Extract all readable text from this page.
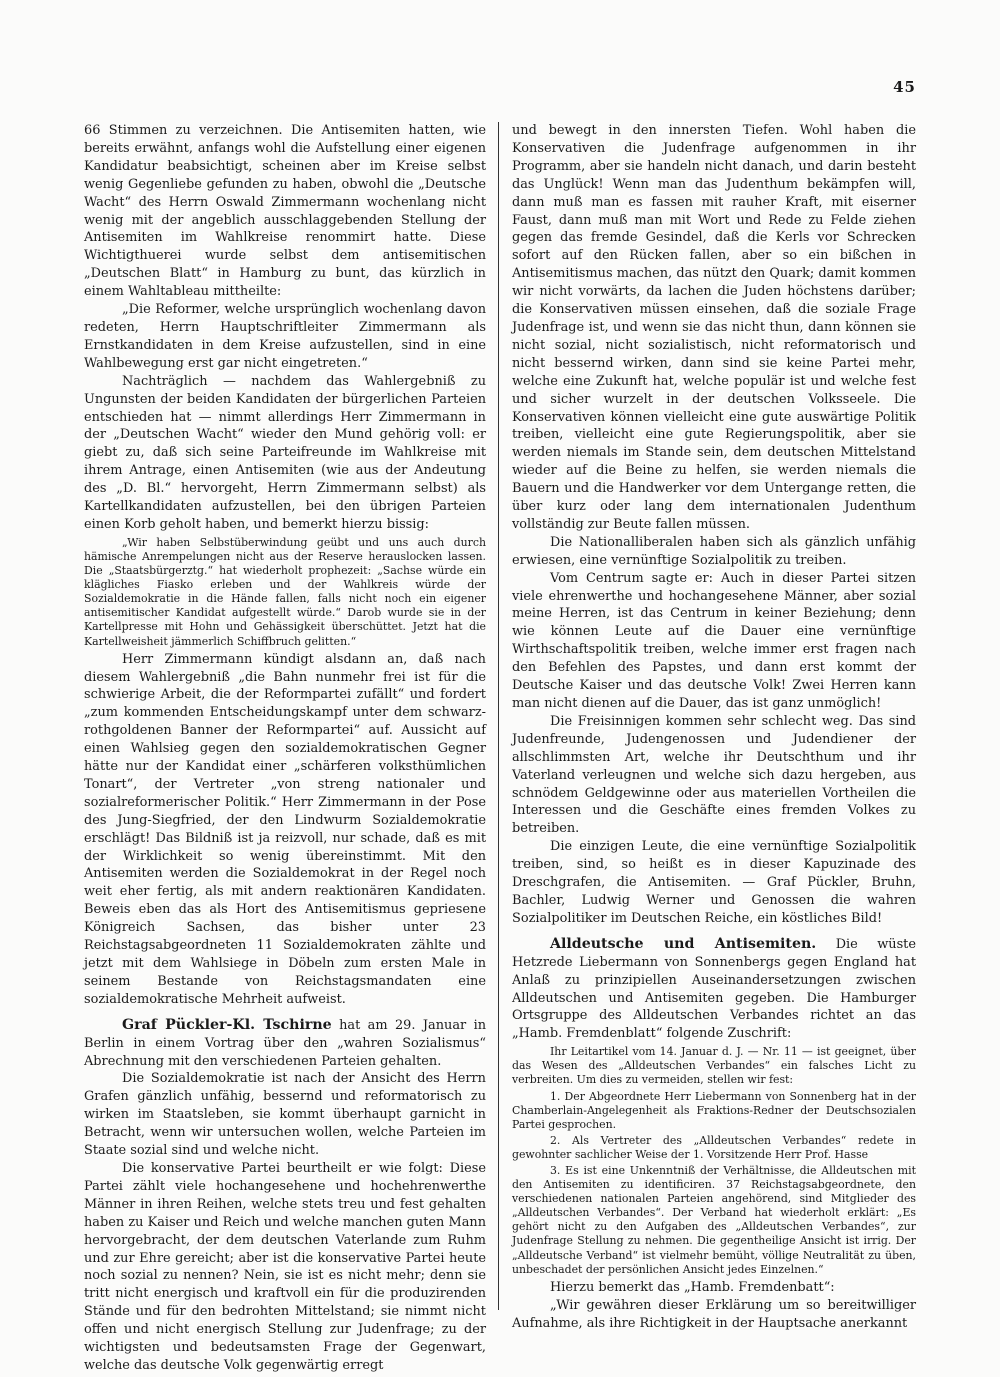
45

66 Stimmen zu verzeichnen. Die Antisemiten hatten, wie bereits erwähnt, anfangs wohl die Aufstellung einer eigenen Kandidatur beabsichtigt, scheinen aber im Kreise selbst wenig Gegenliebe gefunden zu haben, obwohl die „Deutsche Wacht“ des Herrn Oswald Zimmermann wochenlang nicht wenig mit der angeblich ausschlaggebenden Stellung der Antisemiten im Wahlkreise renommirt hatte. Diese Wichtigthuerei wurde selbst dem antisemitischen „Deutschen Blatt“ in Hamburg zu bunt, das kürzlich in einem Wahltableau mittheilte:

„Die Reformer, welche ursprünglich wochenlang davon redeten, Herrn Hauptschriftleiter Zimmermann als Ernstkandidaten in dem Kreise aufzustellen, sind in eine Wahlbewegung erst gar nicht eingetreten.“

Nachträglich — nachdem das Wahlergebniß zu Ungunsten der beiden Kandidaten der bürgerlichen Parteien entschieden hat — nimmt allerdings Herr Zimmermann in der „Deutschen Wacht“ wieder den Mund gehörig voll: er giebt zu, daß sich seine Parteifreunde im Wahlkreise mit ihrem Antrage, einen Antisemiten (wie aus der Andeutung des „D. Bl.“ hervorgeht, Herrn Zimmermann selbst) als Kartellkandidaten aufzustellen, bei den übrigen Parteien einen Korb geholt haben, und bemerkt hierzu bissig:

„Wir haben Selbstüberwindung geübt und uns auch durch hämische Anrempelungen nicht aus der Reserve herauslocken lassen. Die „Staatsbürgerztg.“ hat wiederholt prophezeit: „Sachse würde ein klägliches Fiasko erleben und der Wahlkreis würde der Sozialdemokratie in die Hände fallen, falls nicht noch ein eigener antisemitischer Kandidat aufgestellt würde.“ Darob wurde sie in der Kartellpresse mit Hohn und Gehässigkeit überschüttet. Jetzt hat die Kartellweisheit jämmerlich Schiffbruch gelitten.“

Herr Zimmermann kündigt alsdann an, daß nach diesem Wahlergebniß „die Bahn nunmehr frei ist für die schwierige Arbeit, die der Reformpartei zufällt“ und fordert „zum kommenden Entscheidungskampf unter dem schwarz-rothgoldenen Banner der Reformpartei“ auf. Aussicht auf einen Wahlsieg gegen den sozialdemokratischen Gegner hätte nur der Kandidat einer „schärferen volksthümlichen Tonart“, der Vertreter „von streng nationaler und sozialreformerischer Politik.“ Herr Zimmermann in der Pose des Jung-Siegfried, der den Lindwurm Sozialdemokratie erschlägt! Das Bildniß ist ja reizvoll, nur schade, daß es mit der Wirklichkeit so wenig übereinstimmt. Mit den Antisemiten werden die Sozialdemokrat in der Regel noch weit eher fertig, als mit andern reaktionären Kandidaten. Beweis eben das als Hort des Antisemitismus gepriesene Königreich Sachsen, das bisher unter 23 Reichstagsabgeordneten 11 Sozialdemokraten zählte und jetzt mit dem Wahlsiege in Döbeln zum ersten Male in seinem Bestande von Reichstagsmandaten eine sozialdemokratische Mehrheit aufweist.

Graf Pückler-Kl. Tschirne hat am 29. Januar in Berlin in einem Vortrag über den „wahren Sozialismus“ Abrechnung mit den verschiedenen Parteien gehalten.

Die Sozialdemokratie ist nach der Ansicht des Herrn Grafen gänzlich unfähig, bessernd und reformatorisch zu wirken im Staatsleben, sie kommt überhaupt garnicht in Betracht, wenn wir untersuchen wollen, welche Parteien im Staate sozial sind und welche nicht.

Die konservative Partei beurtheilt er wie folgt: Diese Partei zählt viele hochangesehene und hochehrenwerthe Männer in ihren Reihen, welche stets treu und fest gehalten haben zu Kaiser und Reich und welche manchen guten Mann hervorgebracht, der dem deutschen Vaterlande zum Ruhm und zur Ehre gereicht; aber ist die konservative Partei heute noch sozial zu nennen? Nein, sie ist es nicht mehr; denn sie tritt nicht energisch und kraftvoll ein für die produzirenden Stände und für den bedrohten Mittelstand; sie nimmt nicht offen und nicht energisch Stellung zur Judenfrage; zu der wichtigsten und bedeutsamsten Frage der Gegenwart, welche das deutsche Volk gegenwärtig erregt

und bewegt in den innersten Tiefen. Wohl haben die Konservativen die Judenfrage aufgenommen in ihr Programm, aber sie handeln nicht danach, und darin besteht das Unglück! Wenn man das Judenthum bekämpfen will, dann muß man es fassen mit rauher Kraft, mit eiserner Faust, dann muß man mit Wort und Rede zu Felde ziehen gegen das fremde Gesindel, daß die Kerls vor Schrecken sofort auf den Rücken fallen, aber so ein bißchen in Antisemitismus machen, das nützt den Quark; damit kommen wir nicht vorwärts, da lachen die Juden höchstens darüber; die Konservativen müssen einsehen, daß die soziale Frage Judenfrage ist, und wenn sie das nicht thun, dann können sie nicht sozial, nicht sozialistisch, nicht reformatorisch und nicht bessernd wirken, dann sind sie keine Partei mehr, welche eine Zukunft hat, welche populär ist und welche fest und sicher wurzelt in der deutschen Volksseele. Die Konservativen können vielleicht eine gute auswärtige Politik treiben, vielleicht eine gute Regierungspolitik, aber sie werden niemals im Stande sein, dem deutschen Mittelstand wieder auf die Beine zu helfen, sie werden niemals die Bauern und die Handwerker vor dem Untergange retten, die über kurz oder lang dem internationalen Judenthum vollständig zur Beute fallen müssen.

Die Nationalliberalen haben sich als gänzlich unfähig erwiesen, eine vernünftige Sozialpolitik zu treiben.

Vom Centrum sagte er: Auch in dieser Partei sitzen viele ehrenwerthe und hochangesehene Männer, aber sozial meine Herren, ist das Centrum in keiner Beziehung; denn wie können Leute auf die Dauer eine vernünftige Wirthschaftspolitik treiben, welche immer erst fragen nach den Befehlen des Papstes, und dann erst kommt der Deutsche Kaiser und das deutsche Volk! Zwei Herren kann man nicht dienen auf die Dauer, das ist ganz unmöglich!

Die Freisinnigen kommen sehr schlecht weg. Das sind Judenfreunde, Judengenossen und Judendiener der allschlimmsten Art, welche ihr Deutschthum und ihr Vaterland verleugnen und welche sich dazu hergeben, aus schnödem Geldgewinne oder aus materiellen Vortheilen die Interessen und die Geschäfte eines fremden Volkes zu betreiben.

Die einzigen Leute, die eine vernünftige Sozialpolitik treiben, sind, so heißt es in dieser Kapuzinade des Dreschgrafen, die Antisemiten. — Graf Pückler, Bruhn, Bachler, Ludwig Werner und Genossen die wahren Sozialpolitiker im Deutschen Reiche, ein köstliches Bild!

Alldeutsche und Antisemiten. Die wüste Hetzrede Liebermann von Sonnenbergs gegen England hat Anlaß zu prinzipiellen Auseinandersetzungen zwischen Alldeutschen und Antisemiten gegeben. Die Hamburger Ortsgruppe des Alldeutschen Verbandes richtet an das „Hamb. Fremdenblatt“ folgende Zuschrift:

Ihr Leitartikel vom 14. Januar d. J. — Nr. 11 — ist geeignet, über das Wesen des „Alldeutschen Verbandes“ ein falsches Licht zu verbreiten. Um dies zu vermeiden, stellen wir fest:

1. Der Abgeordnete Herr Liebermann von Sonnenberg hat in der Chamberlain-Angelegenheit als Fraktions-Redner der Deutschsozialen Partei gesprochen.

2. Als Vertreter des „Alldeutschen Verbandes“ redete in gewohnter sachlicher Weise der 1. Vorsitzende Herr Prof. Hasse

3. Es ist eine Unkenntniß der Verhältnisse, die Alldeutschen mit den Antisemiten zu identificiren. 37 Reichstagsabgeordnete, den verschiedenen nationalen Parteien angehörend, sind Mitglieder des „Alldeutschen Verbandes“. Der Verband hat wiederholt erklärt: „Es gehört nicht zu den Aufgaben des „Alldeutschen Verbandes“, zur Judenfrage Stellung zu nehmen. Die gegentheilige Ansicht ist irrig. Der „Alldeutsche Verband“ ist vielmehr bemüht, völlige Neutralität zu üben, unbeschadet der persönlichen Ansicht jedes Einzelnen.“

Hierzu bemerkt das „Hamb. Fremdenbatt“:

„Wir gewähren dieser Erklärung um so bereitwilliger Aufnahme, als ihre Richtigkeit in der Hauptsache anerkannt
